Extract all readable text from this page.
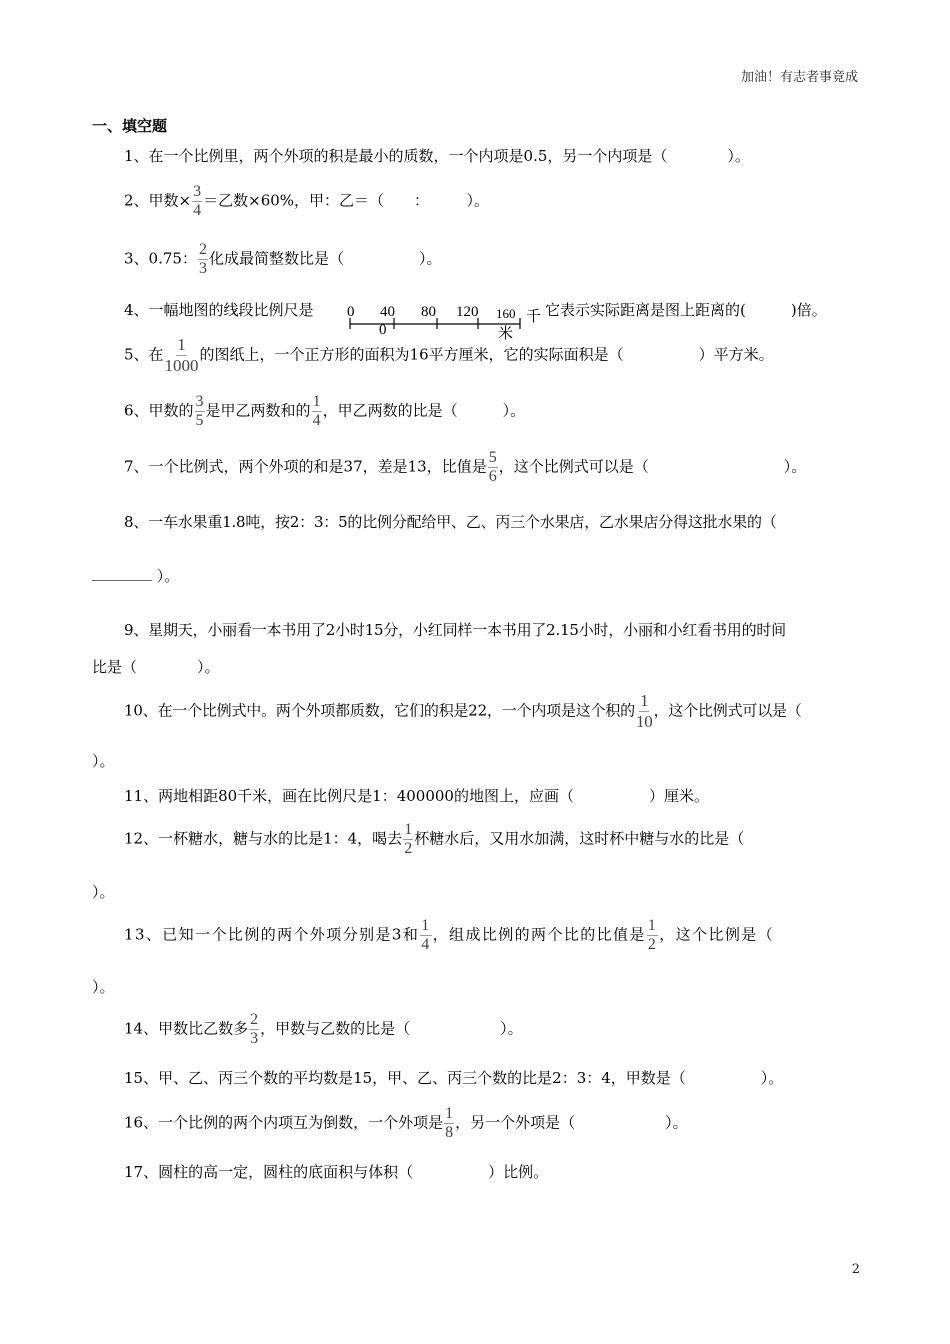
加油！有志者事竟成
一、填空题
1、在一个比例里，两个外项的积是最小的质数，一个内项是0.5，另一个内项是（　　　　）。
2、甲数× $\frac{3}{4}$ ＝乙数×60%，甲：乙＝（　　：　　　）。
3、0.75： $\frac{2}{3}$ 化成最简整数比是（　　　　　）。
4、一幅地图的线段比例尺是 0 40 80 120 160 千
0	米
它表示实际距离是图上距离的(　　　)倍。
5、在 $\frac{1}{1000}$ 的图纸上，一个正方形的面积为16平方厘米，它的实际面积是（　　　　　）平方米。
6、甲数的 $\frac{3}{5}$ 是甲乙两数和的 $\frac{1}{4}$ ，甲乙两数的比是（　　　）。
7、一个比例式，两个外项的和是37，差是13，比值是 $\frac{5}{6}$ ，这个比例式可以是（　　　　　　　　　）。
8、一车水果重1.8吨，按2：3：5的比例分配给甲、乙、丙三个水果店，乙水果店分得这批水果的（
）。
9、星期天，小丽看一本书用了2小时15分，小红同样一本书用了2.15小时，小丽和小红看书用的时间
比是（　　　　）。
10、在一个比例式中。两个外项都质数，它们的积是22，一个内项是这个积的 $\frac{1}{10}$ ，这个比例式可以是（
）。
11、两地相距80千米，画在比例尺是1：400000的地图上，应画（　　　　　）厘米。
12、一杯糖水，糖与水的比是1：4，喝去 $\frac{1}{2}$ 杯糖水后，又用水加满，这时杯中糖与水的比是（
）。
13、已知一个比例的两个外项分别是3和 $\frac{1}{4}$ ，组成比例的两个比的比值是 $\frac{1}{2}$ ，这个比例是（
）。
14、甲数比乙数多 $\frac{2}{3}$ ，甲数与乙数的比是（　　　　　　）。
15、甲、乙、丙三个数的平均数是15，甲、乙、丙三个数的比是2：3：4，甲数是（　　　　　）。
16、一个比例的两个内项互为倒数，一个外项是 $\frac{1}{8}$ ，另一个外项是（　　　　　　）。
17、圆柱的高一定，圆柱的底面积与体积（　　　　　）比例。
2
